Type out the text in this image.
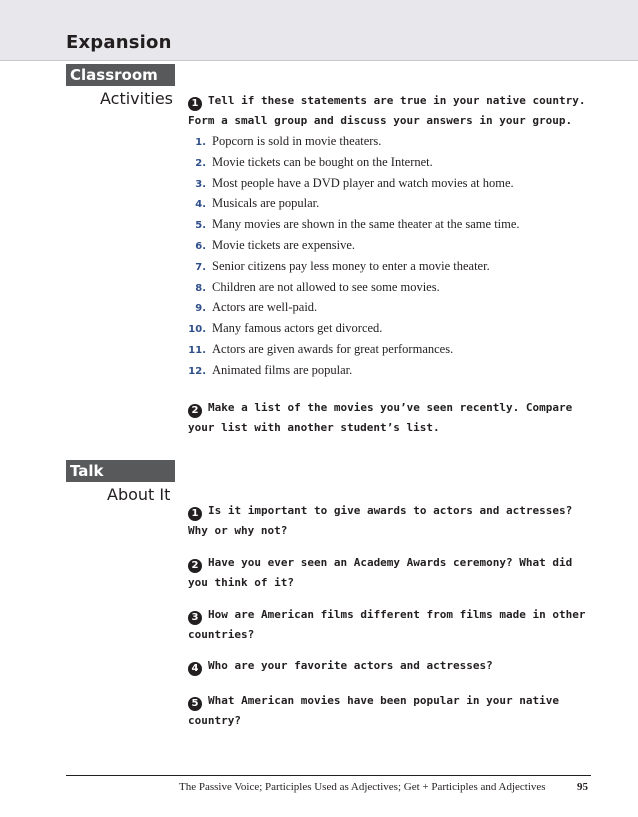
Expansion
Classroom
Activities	1 Tell if these statements are true in your native country. Form a small group and discuss your answers in your group.
1. Popcorn is sold in movie theaters.
2. Movie tickets can be bought on the Internet.
3. Most people have a DVD player and watch movies at home.
4. Musicals are popular.
5. Many movies are shown in the same theater at the same time.
6. Movie tickets are expensive.
7. Senior citizens pay less money to enter a movie theater.
8. Children are not allowed to see some movies.
9. Actors are well-paid.
10. Many famous actors get divorced.
11. Actors are given awards for great performances.
12. Animated films are popular.
2 Make a list of the movies you’ve seen recently. Compare your list with another student’s list.
Talk
About It
1 Is it important to give awards to actors and actresses? Why or why not?
2 Have you ever seen an Academy Awards ceremony? What did you think of it?
3 How are American films different from films made in other countries?
4 Who are your favorite actors and actresses?
5 What American movies have been popular in your native country?
The Passive Voice; Participles Used as Adjectives; Get + Participles and Adjectives	95
